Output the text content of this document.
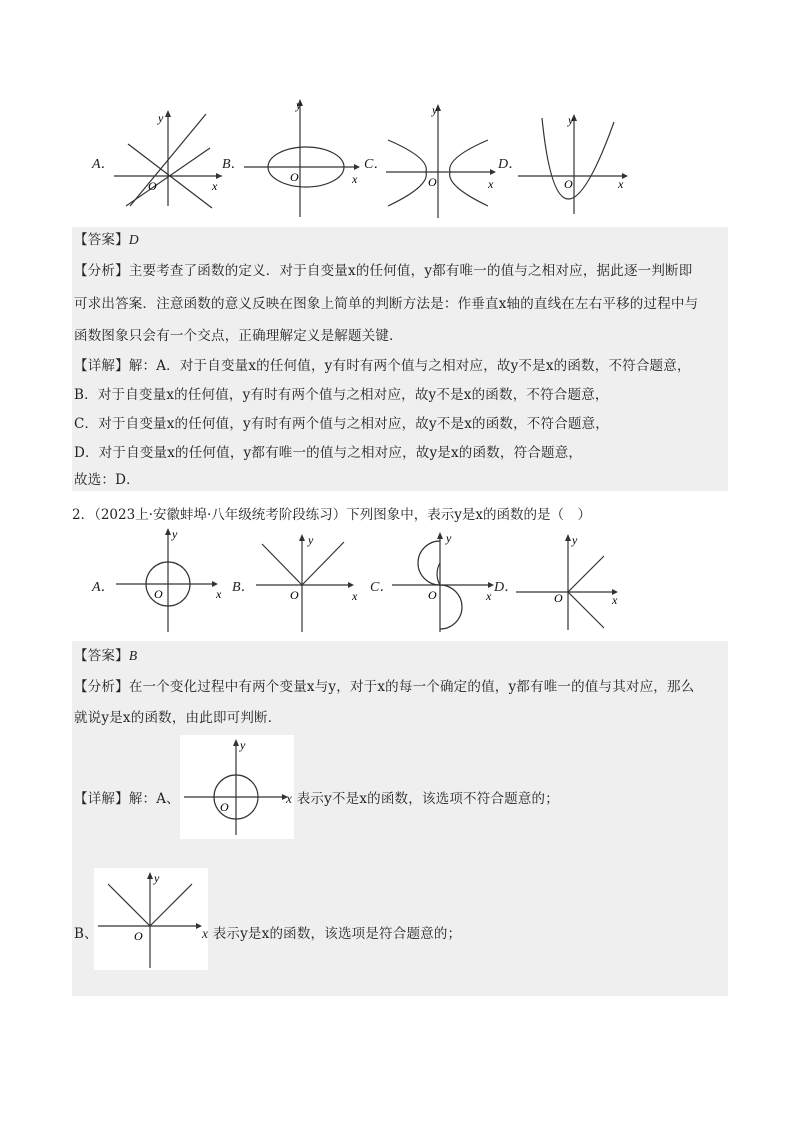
A．
y
x
O
B．
y
x
O
C．
y
x
O
D．
y
x
O
【答案】D
【分析】主要考查了函数的定义．对于自变量x的任何值，y都有唯一的值与之相对应，据此逐一判断即
可求出答案．注意函数的意义反映在图象上简单的判断方法是：作垂直x轴的直线在左右平移的过程中与
函数图象只会有一个交点，正确理解定义是解题关键．
【详解】解：A．对于自变量x的任何值，y有时有两个值与之相对应，故y不是x的函数，不符合题意，
B．对于自变量x的任何值，y有时有两个值与之相对应，故y不是x的函数，不符合题意，
C．对于自变量x的任何值，y有时有两个值与之相对应，故y不是x的函数，不符合题意，
D．对于自变量x的任何值，y都有唯一的值与之相对应，故y是x的函数，符合题意，
故选：D．
2．（2023上·安徽蚌埠·八年级统考阶段练习）下列图象中，表示y是x的函数的是（　）
A．
y
x
O	B．
y
x
O	C．
y
x
O	D．
y
x
O
【答案】B
【分析】在一个变化过程中有两个变量x与y，对于x的每一个确定的值，y都有唯一的值与其对应，那么
就说y是x的函数，由此即可判断．
y
O
【详解】解：A、	x 表示y不是x的函数，该选项不符合题意的；
y
O
B、	x 表示y是x的函数，该选项是符合题意的；
